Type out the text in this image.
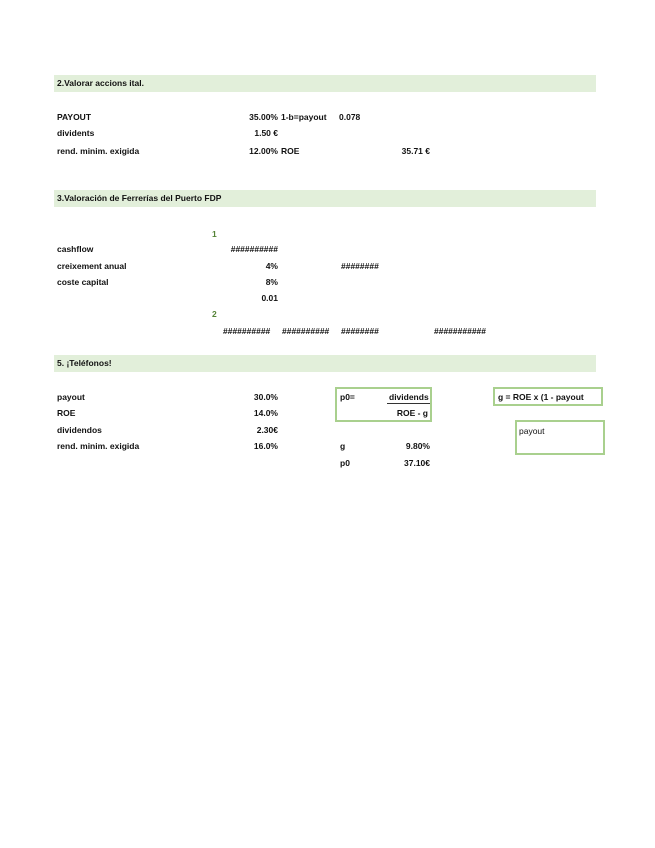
2.Valorar accions ital.
PAYOUT	35.00% 1-b=payout 0.078
dividents	1.50 €
rend. minim. exigida	12.00% ROE	35.71 €
3.Valoración de Ferrerías del Puerto FDP
1
cashflow	##########
creixement anual	4%	########
coste capital	8%
0.01
2
########## ########## ########	###########
5. ¡Teléfonos!
payout	30.0%
ROE	14.0%
dividendos	2.30€
rend. minim. exigida	16.0%
p0=	dividends
ROE - g
g	9.80%
p0	37.10€
g = ROE x (1 - payout
payout
